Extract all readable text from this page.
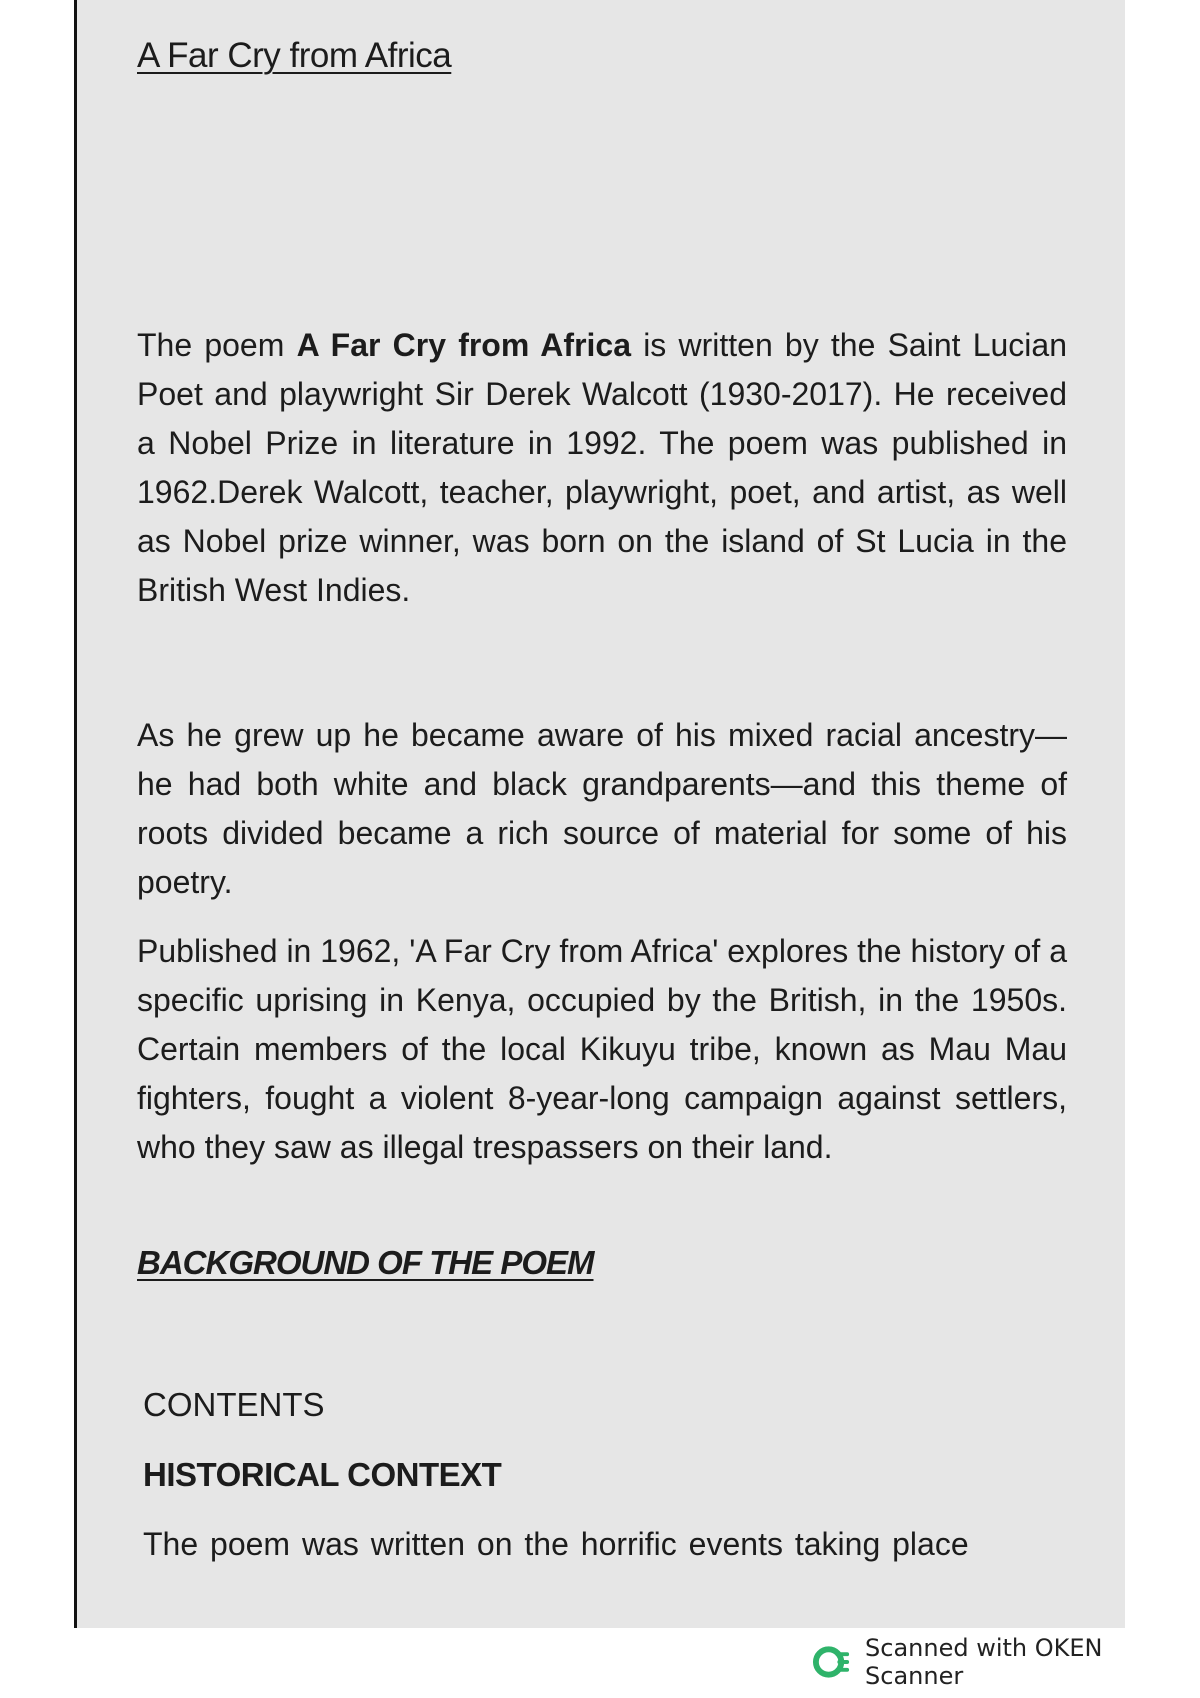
A Far Cry from Africa

The poem A Far Cry from Africa is written by the Saint Lucian Poet and playwright Sir Derek Walcott (1930-2017). He received a Nobel Prize in literature in 1992. The poem was published in 1962.Derek Walcott, teacher, playwright, poet, and artist, as well as Nobel prize winner, was born on the island of St Lucia in the British West Indies.

As he grew up he became aware of his mixed racial ancestry—he had both white and black grandparents—and this theme of roots divided became a rich source of material for some of his poetry.

Published in 1962, 'A Far Cry from Africa' explores the history of a specific uprising in Kenya, occupied by the British, in the 1950s. Certain members of the local Kikuyu tribe, known as Mau Mau fighters, fought a violent 8-year-long campaign against settlers, who they saw as illegal trespassers on their land.

BACKGROUND OF THE POEM
CONTENTS
HISTORICAL CONTEXT

The poem was written on the horrific events taking place

Scanned with OKEN Scanner
